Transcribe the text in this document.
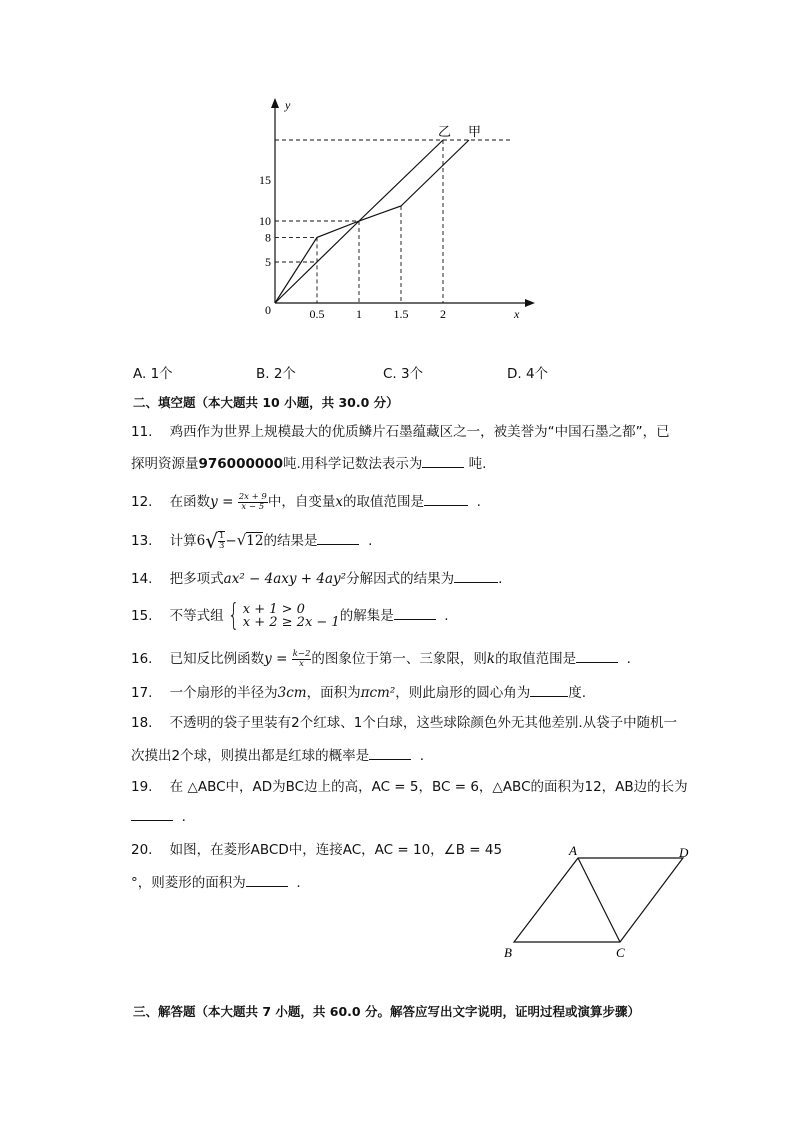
y
x
0
5
8
10
15
0.5	1	1.5	2
乙 甲
A. 1个	B. 2个	C. 3个	D. 4个
二、填空题（本大题共 10 小题，共 30.0 分）
11. 鸡西作为世界上规模最大的优质鳞片石墨蕴藏区之一，被美誉为“中国石墨之都”，已
探明资源量976000000吨.用科学记数法表示为	吨.
12. 在函数$y = \frac{2x + 9}{x - 5}$ 中，自变量x的取值范围是	.
13. 计算$6√ \frac{1}{3} -√12$的结果是	.
14. 把多项式ax² − 4axy + 4ay²分解因式的结果为	.
15. 不等式组 { x + 1 > 0
x + 2 ≥ 2x − 1 的解集是	.
16. 已知反比例函数$y = \frac{k-2}{x}$ 的图象位于第一、三象限，则k的取值范围是	.
17. 一个扇形的半径为3cm，面积为πcm²，则此扇形的圆心角为	度.
18. 不透明的袋子里装有2个红球、1个白球，这些球除颜色外无其他差别.从袋子中随机一
次摸出2个球，则摸出都是红球的概率是	.
19. 在 △ABC中，AD为BC边上的高，AC = 5，BC = 6，△ABC的面积为12，AB边的长为
.
20. 如图，在菱形ABCD中，连接AC，AC = 10，∠B = 45
°，则菱形的面积为	.
A	D
B	C
三、解答题（本大题共 7 小题，共 60.0 分。解答应写出文字说明，证明过程或演算步骤）
